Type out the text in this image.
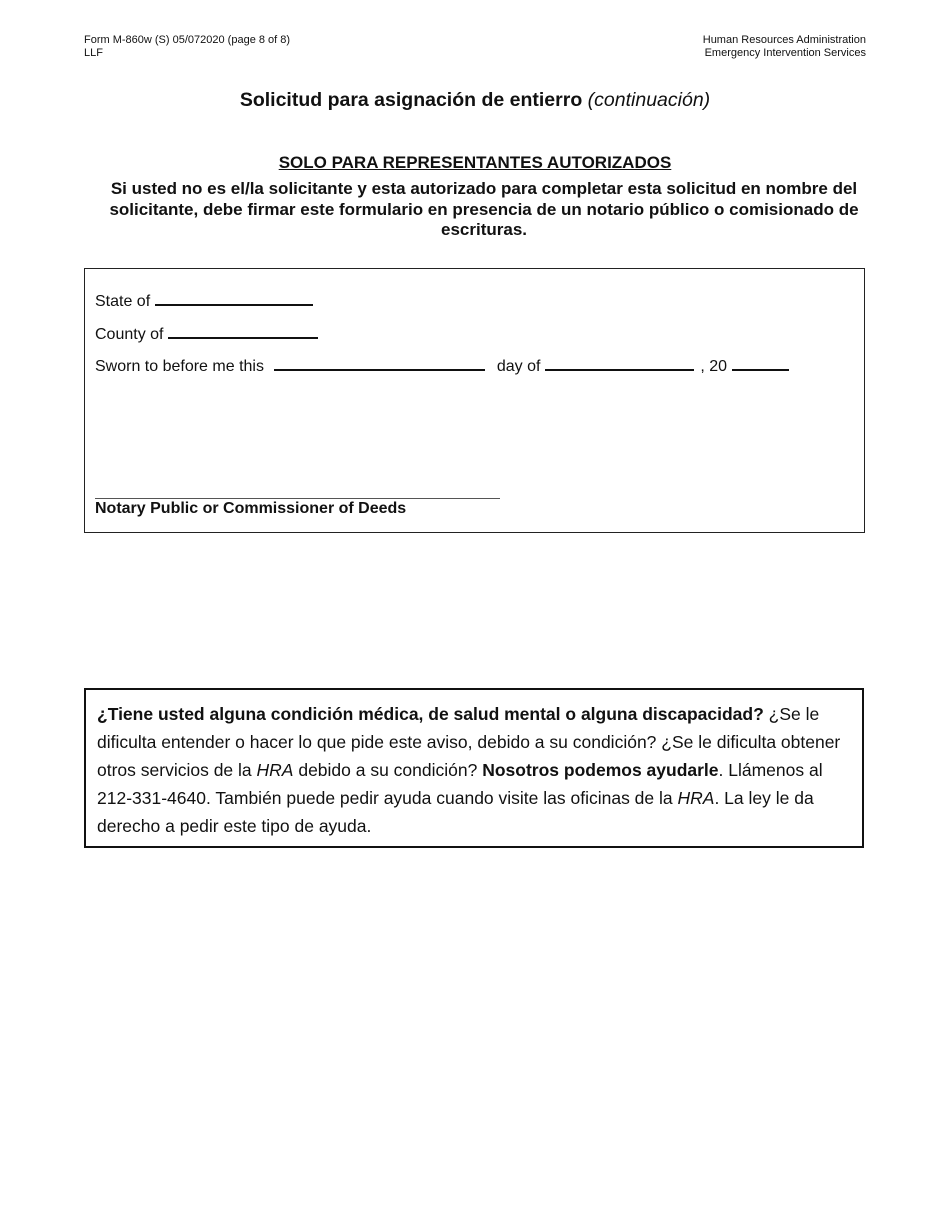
Form M-860w (S) 05/072020 (page 8 of 8)
LLF
Human Resources Administration
Emergency Intervention Services
Solicitud para asignación de entierro (continuación)
SOLO PARA REPRESENTANTES AUTORIZADOS
Si usted no es el/la solicitante y esta autorizado para completar esta solicitud en nombre del solicitante, debe firmar este formulario en presencia de un notario público o comisionado de escrituras.
State of
County of
Sworn to before me this	day of	, 20
Notary Public or Commissioner of Deeds
¿Tiene usted alguna condición médica, de salud mental o alguna discapacidad? ¿Se le dificulta entender o hacer lo que pide este aviso, debido a su condición? ¿Se le dificulta obtener otros servicios de la HRA debido a su condición? Nosotros podemos ayudarle. Llámenos al 212-331-4640. También puede pedir ayuda cuando visite las oficinas de la HRA. La ley le da derecho a pedir este tipo de ayuda.
